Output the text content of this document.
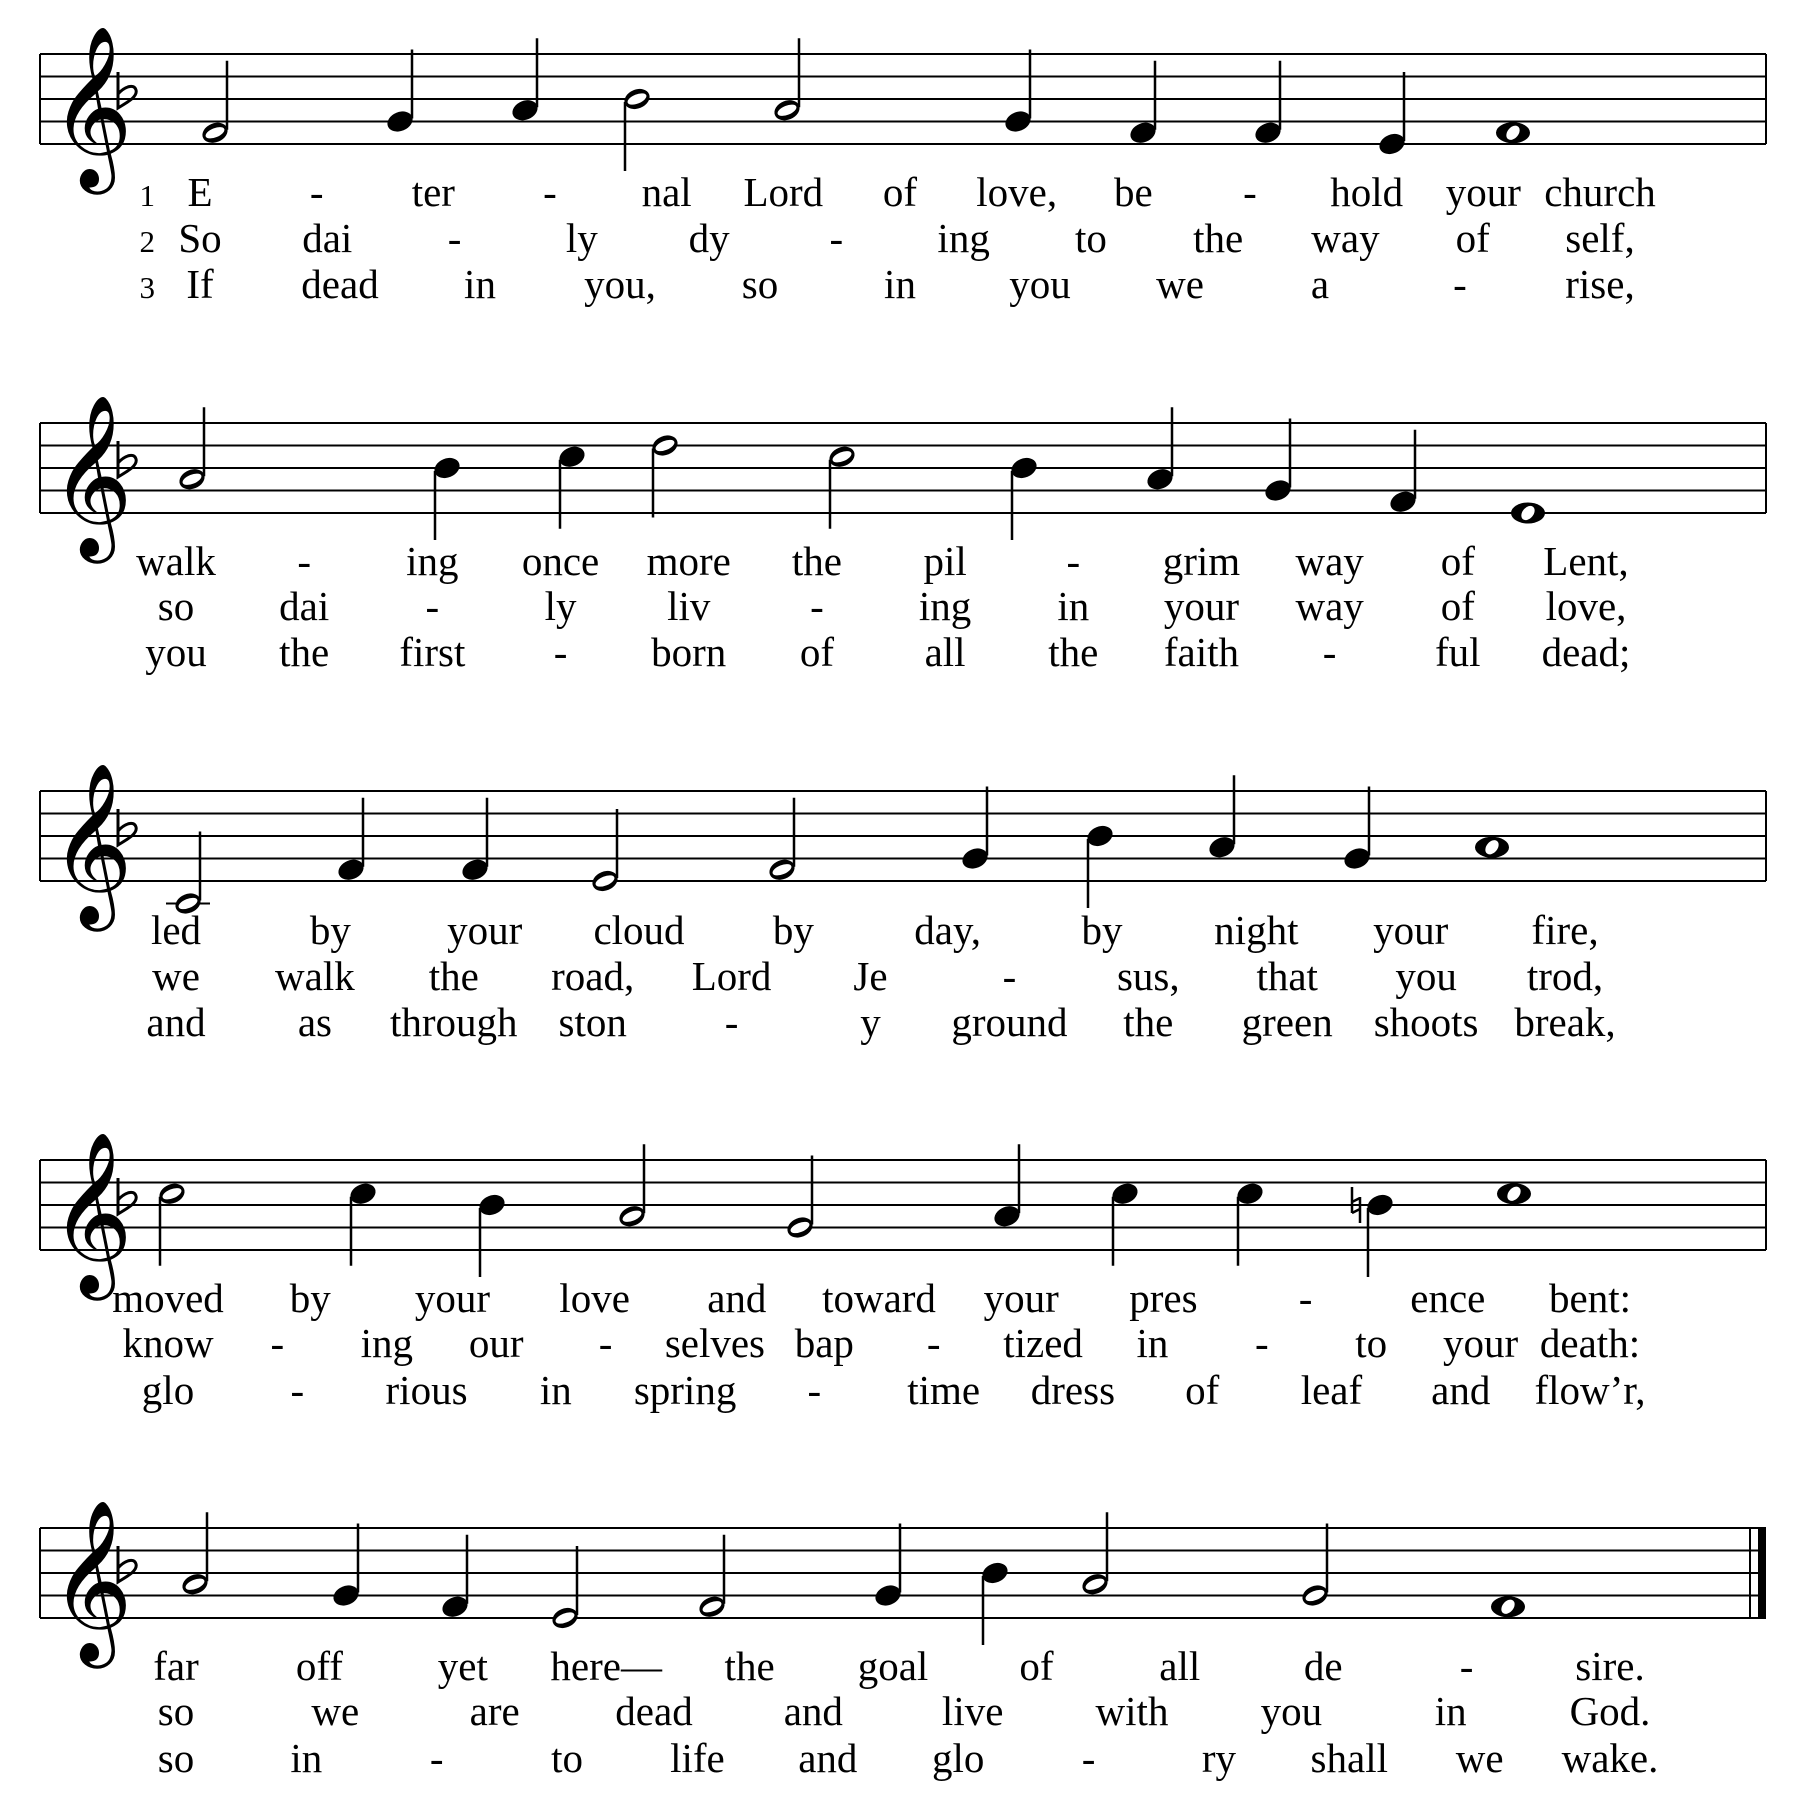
𝄞
1 E - ter - nal Lord of love, be - hold your church
2 So dai -	ly dy - ing to the way of self,
3 If dead in you, so	in you we	a	- rise,
𝄞
walk - ing once more the pil - grim way of Lent,
so dai -	ly liv - ing in your way of love,
you the first - born of all the faith - ful dead;
𝄞
led	by your cloud by day, by night your fire,
we walk the road, Lord Je	- sus, that you trod,
and as through ston -	y ground the green shoots break,
𝄞
moved by your love and toward your pres - ence bent:
know - ing our - selves bap - tized in - to your death:
glo - rious in spring - time dress of leaf and flow’r,
𝄞
far off yet here— the goal of	all	de	- sire.
so	we	are dead and live with you	in	God.
so in	-	to life and glo -	ry shall we wake.
